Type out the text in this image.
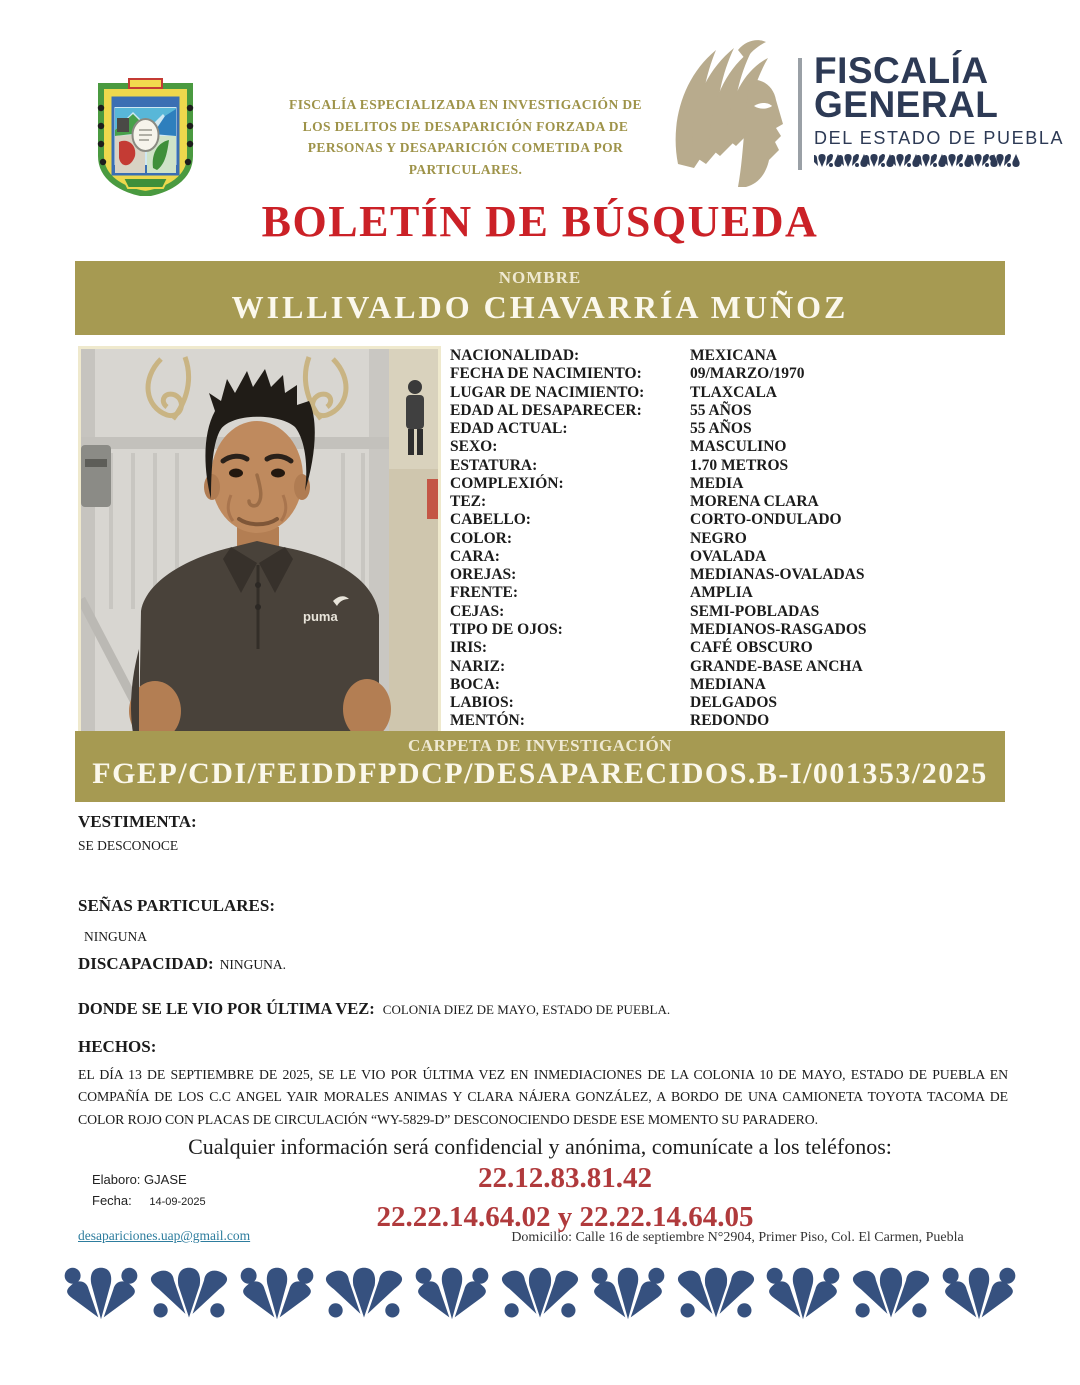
FISCALÍA ESPECIALIZADA EN INVESTIGACIÓN DE
LOS DELITOS DE DESAPARICIÓN FORZADA DE
PERSONAS Y DESAPARICIÓN COMETIDA POR
PARTICULARES.
FISCALÍA
GENERAL
DEL ESTADO DE PUEBLA
BOLETÍN DE BÚSQUEDA
NOMBRE
WILLIVALDO CHAVARRÍA MUÑOZ
puma
NACIONALIDAD:	MEXICANA
FECHA DE NACIMIENTO:	09/MARZO/1970
LUGAR DE NACIMIENTO:	TLAXCALA
EDAD AL DESAPARECER:	55 AÑOS
EDAD ACTUAL:	55 AÑOS
SEXO:	MASCULINO
ESTATURA:	1.70 METROS
COMPLEXIÓN:	MEDIA
TEZ:	MORENA CLARA
CABELLO:	CORTO-ONDULADO
COLOR:	NEGRO
CARA:	OVALADA
OREJAS:	MEDIANAS-OVALADAS
FRENTE:	AMPLIA
CEJAS:	SEMI-POBLADAS
TIPO DE OJOS:	MEDIANOS-RASGADOS
IRIS:	CAFÉ OBSCURO
NARIZ:	GRANDE-BASE ANCHA
BOCA:	MEDIANA
LABIOS:	DELGADOS
MENTÓN:	REDONDO
CARPETA DE INVESTIGACIÓN
FGEP/CDI/FEIDDFPDCP/DESAPARECIDOS.B-I/001353/2025
VESTIMENTA:
SE DESCONOCE
SEÑAS PARTICULARES:
NINGUNA
DISCAPACIDAD: NINGUNA.
DONDE SE LE VIO POR ÚLTIMA VEZ: COLONIA DIEZ DE MAYO, ESTADO DE PUEBLA.
HECHOS:
EL DÍA 13 DE SEPTIEMBRE DE 2025, SE LE VIO POR ÚLTIMA VEZ EN INMEDIACIONES DE LA COLONIA 10 DE MAYO, ESTADO DE PUEBLA EN COMPAÑÍA DE LOS C.C ANGEL YAIR MORALES ANIMAS Y CLARA NÁJERA GONZÁLEZ, A BORDO DE UNA CAMIONETA TOYOTA TACOMA DE COLOR ROJO CON PLACAS DE CIRCULACIÓN “WY-5829-D” DESCONOCIENDO DESDE ESE MOMENTO SU PARADERO.
Cualquier información será confidencial y anónima, comunícate a los teléfonos:
22.12.83.81.42
22.22.14.64.02 y 22.22.14.64.05
Elaboro: GJASE
Fecha: 14-09-2025
desapariciones.uap@gmail.com	Domicilio: Calle 16 de septiembre N°2904, Primer Piso, Col. El Carmen, Puebla
